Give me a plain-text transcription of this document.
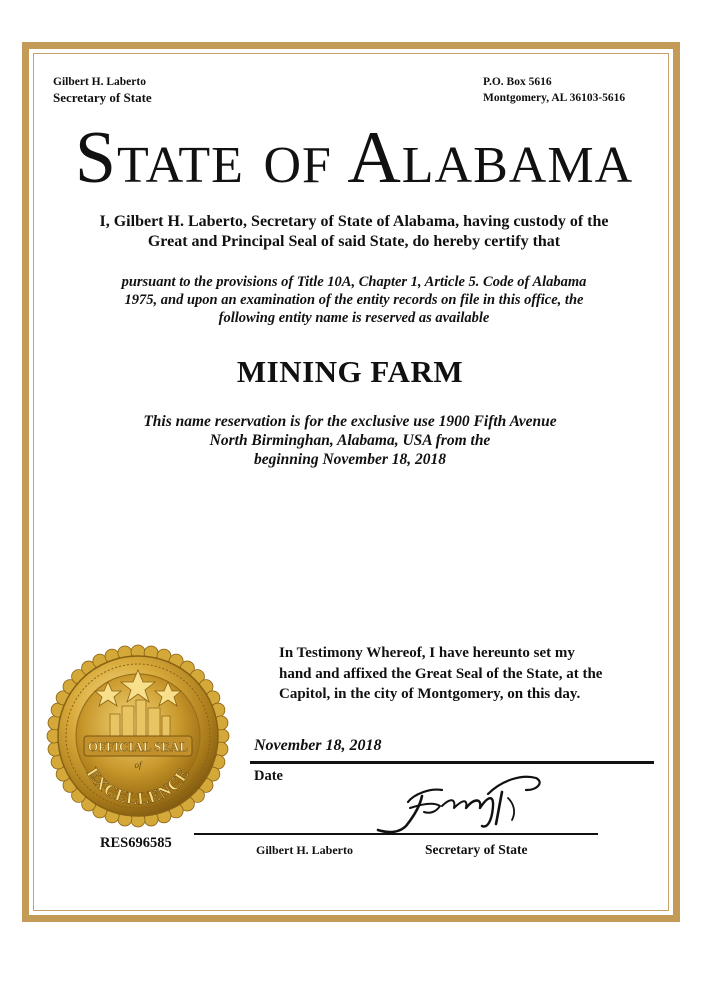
Gilbert H. Laberto
Secretary of State
P.O. Box 5616
Montgomery, AL 36103-5616
State of Alabama
I, Gilbert H. Laberto, Secretary of State of Alabama, having custody of the
Great and Principal Seal of said State, do hereby certify that
pursuant to the provisions of Title 10A, Chapter 1, Article 5. Code of Alabama
1975, and upon an examination of the entity records on file in this office, the
following entity name is reserved as available
MINING FARM
This name reservation is for the exclusive use 1900 Fifth Avenue
North Birminghan, Alabama, USA from the
beginning November 18, 2018
In Testimony Whereof, I have hereunto set my
hand and affixed the Great Seal of the State, at the
Capitol, in the city of Montgomery, on this day.
OFFICIAL SEAL
of
EXCELLENCE
November 18, 2018
Date
RES696585	Gilbert H. Laberto	Secretary of State
